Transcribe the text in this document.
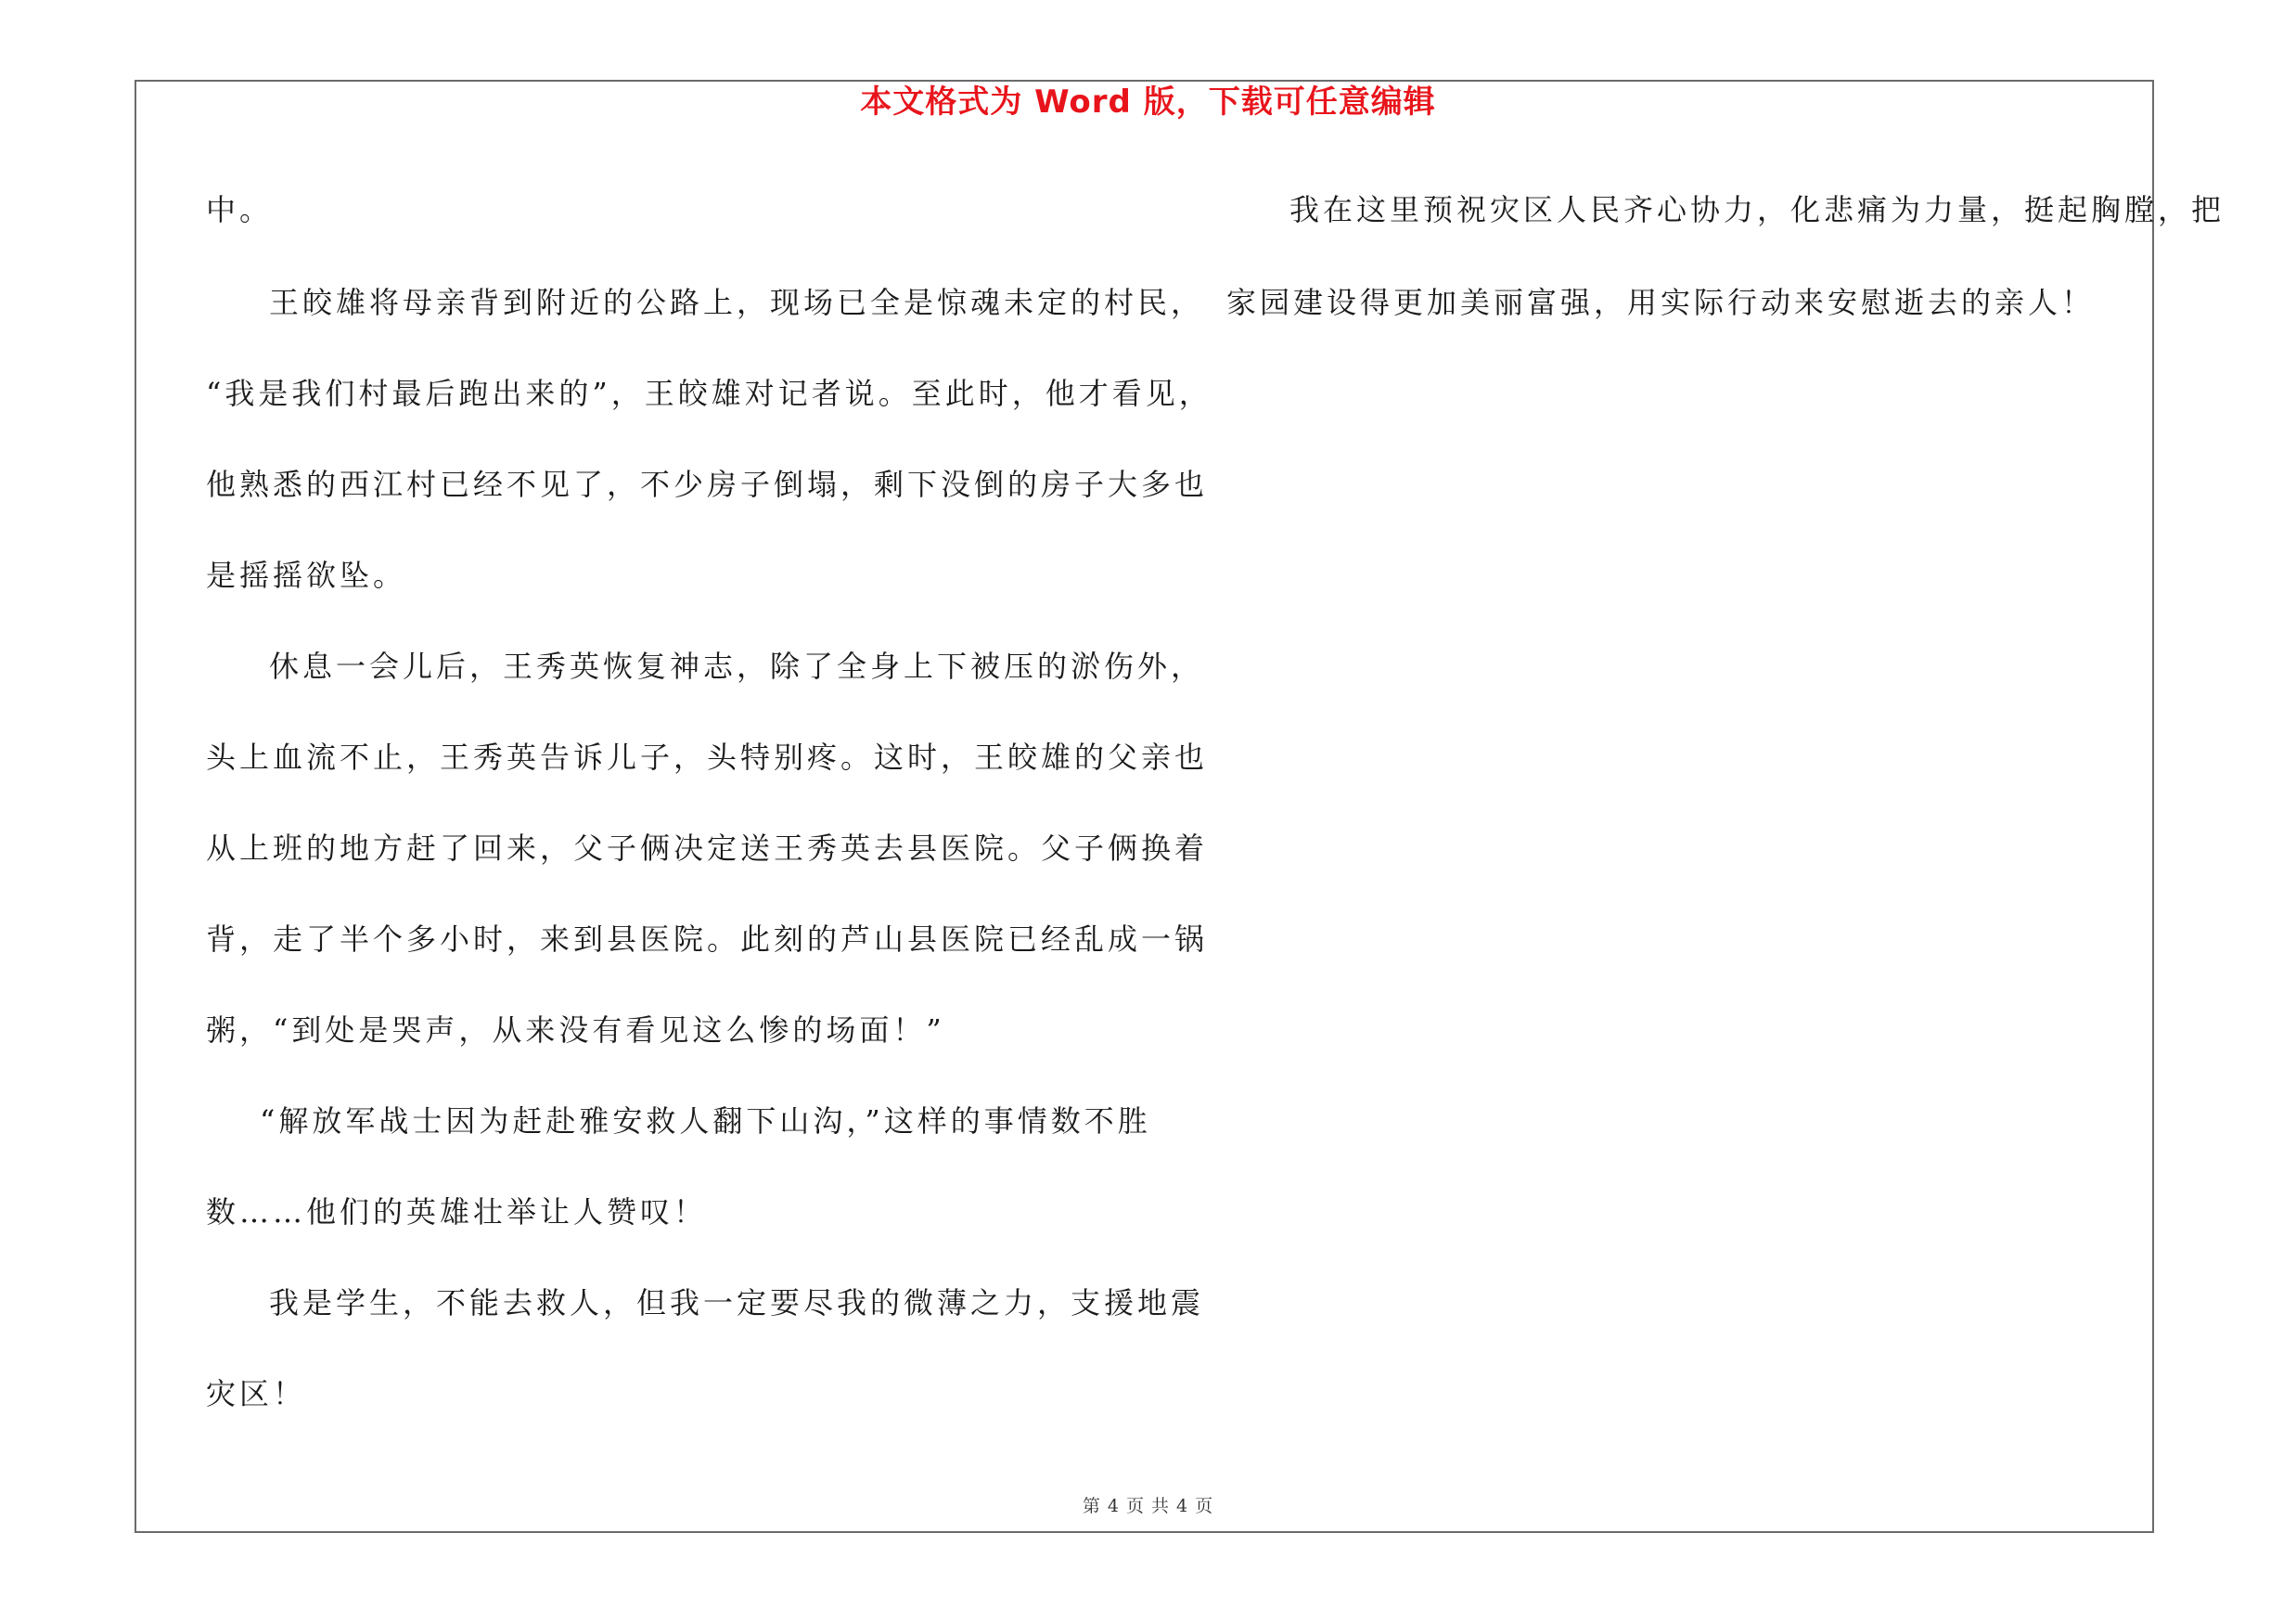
本文格式为 Word 版，下载可任意编辑
中。
王皎雄将母亲背到附近的公路上，现场已全是惊魂未定的村民，
“我是我们村最后跑出来的”，王皎雄对记者说。至此时，他才看见，
他熟悉的西江村已经不见了，不少房子倒塌，剩下没倒的房子大多也
是摇摇欲坠。
休息一会儿后，王秀英恢复神志，除了全身上下被压的淤伤外，
头上血流不止，王秀英告诉儿子，头特别疼。这时，王皎雄的父亲也
从上班的地方赶了回来，父子俩决定送王秀英去县医院。父子俩换着
背，走了半个多小时，来到县医院。此刻的芦山县医院已经乱成一锅
粥，“到处是哭声，从来没有看见这么惨的场面！”
“解放军战士因为赶赴雅安救人翻下山沟，”这样的事情数不胜
数……他们的英雄壮举让人赞叹！
我是学生，不能去救人，但我一定要尽我的微薄之力，支援地震
灾区！
我在这里预祝灾区人民齐心协力，化悲痛为力量，挺起胸膛，把
家园建设得更加美丽富强，用实际行动来安慰逝去的亲人！
第 4 页 共 4 页
